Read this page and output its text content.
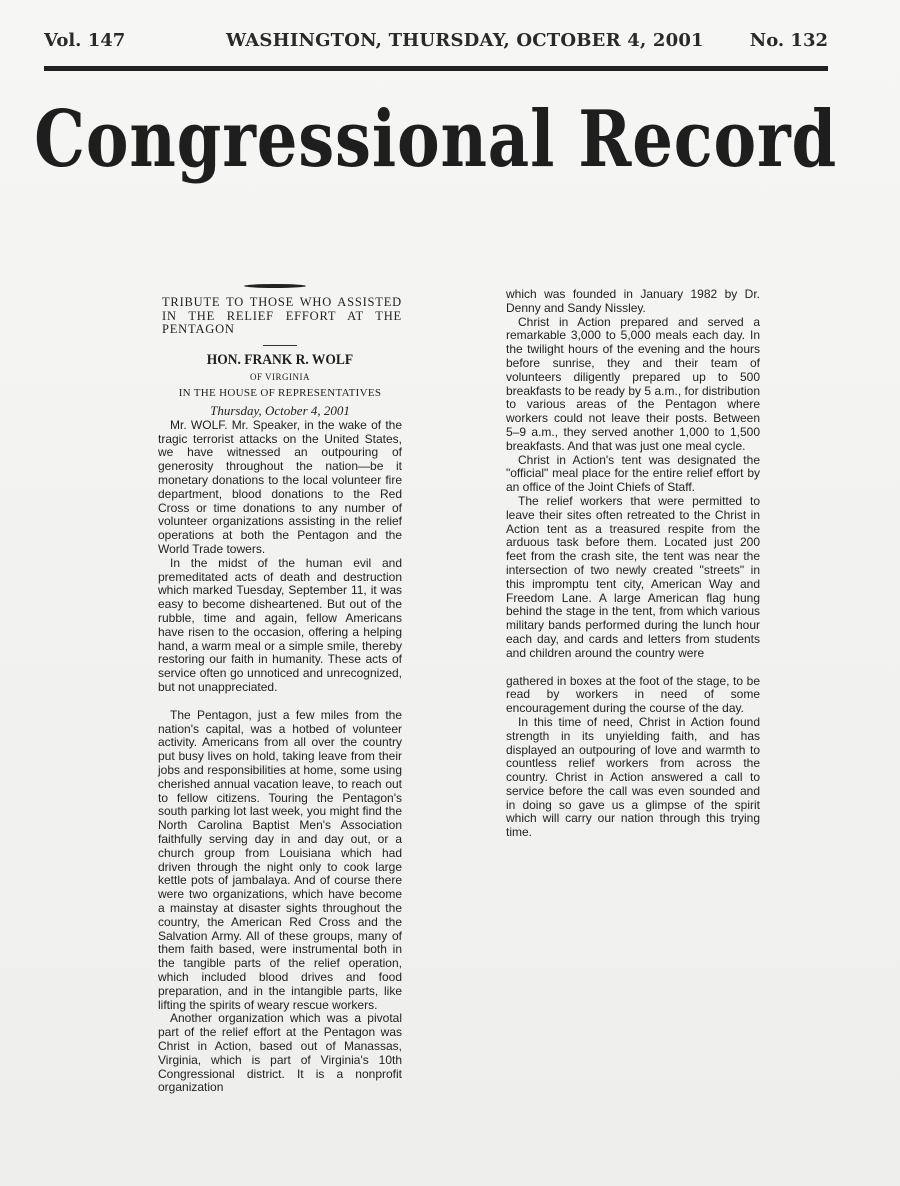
Vol. 147	WASHINGTON, THURSDAY, OCTOBER 4, 2001	No. 132
Congressional Record

TRIBUTE TO THOSE WHO ASSISTED IN THE RELIEF EFFORT AT THE PENTAGON

HON. FRANK R. WOLF

OF VIRGINIA

IN THE HOUSE OF REPRESENTATIVES

Thursday, October 4, 2001

Mr. WOLF. Mr. Speaker, in the wake of the tragic terrorist attacks on the United States, we have witnessed an outpouring of generosity throughout the nation—be it monetary donations to the local volunteer fire department, blood donations to the Red Cross or time donations to any number of volunteer organizations assisting in the relief operations at both the Pentagon and the World Trade towers.

In the midst of the human evil and premeditated acts of death and destruction which marked Tuesday, September 11, it was easy to become disheartened. But out of the rubble, time and again, fellow Americans have risen to the occasion, offering a helping hand, a warm meal or a simple smile, thereby restoring our faith in humanity. These acts of service often go unnoticed and unrecognized, but not unappreciated.

The Pentagon, just a few miles from the nation's capital, was a hotbed of volunteer activity. Americans from all over the country put busy lives on hold, taking leave from their jobs and responsibilities at home, some using cherished annual vacation leave, to reach out to fellow citizens. Touring the Pentagon's south parking lot last week, you might find the North Carolina Baptist Men's Association faithfully serving day in and day out, or a church group from Louisiana which had driven through the night only to cook large kettle pots of jambalaya. And of course there were two organizations, which have become a mainstay at disaster sights throughout the country, the American Red Cross and the Salvation Army. All of these groups, many of them faith based, were instrumental both in the tangible parts of the relief operation, which included blood drives and food preparation, and in the intangible parts, like lifting the spirits of weary rescue workers.

Another organization which was a pivotal part of the relief effort at the Pentagon was Christ in Action, based out of Manassas, Virginia, which is part of Virginia's 10th Congressional district. It is a nonprofit organization

which was founded in January 1982 by Dr. Denny and Sandy Nissley.

Christ in Action prepared and served a remarkable 3,000 to 5,000 meals each day. In the twilight hours of the evening and the hours before sunrise, they and their team of volunteers diligently prepared up to 500 breakfasts to be ready by 5 a.m., for distribution to various areas of the Pentagon where workers could not leave their posts. Between 5–9 a.m., they served another 1,000 to 1,500 breakfasts. And that was just one meal cycle.

Christ in Action's tent was designated the "official" meal place for the entire relief effort by an office of the Joint Chiefs of Staff.

The relief workers that were permitted to leave their sites often retreated to the Christ in Action tent as a treasured respite from the arduous task before them. Located just 200 feet from the crash site, the tent was near the intersection of two newly created "streets" in this impromptu tent city, American Way and Freedom Lane. A large American flag hung behind the stage in the tent, from which various military bands performed during the lunch hour each day, and cards and letters from students and children around the country were

gathered in boxes at the foot of the stage, to be read by workers in need of some encouragement during the course of the day.

In this time of need, Christ in Action found strength in its unyielding faith, and has displayed an outpouring of love and warmth to countless relief workers from across the country. Christ in Action answered a call to service before the call was even sounded and in doing so gave us a glimpse of the spirit which will carry our nation through this trying time.
